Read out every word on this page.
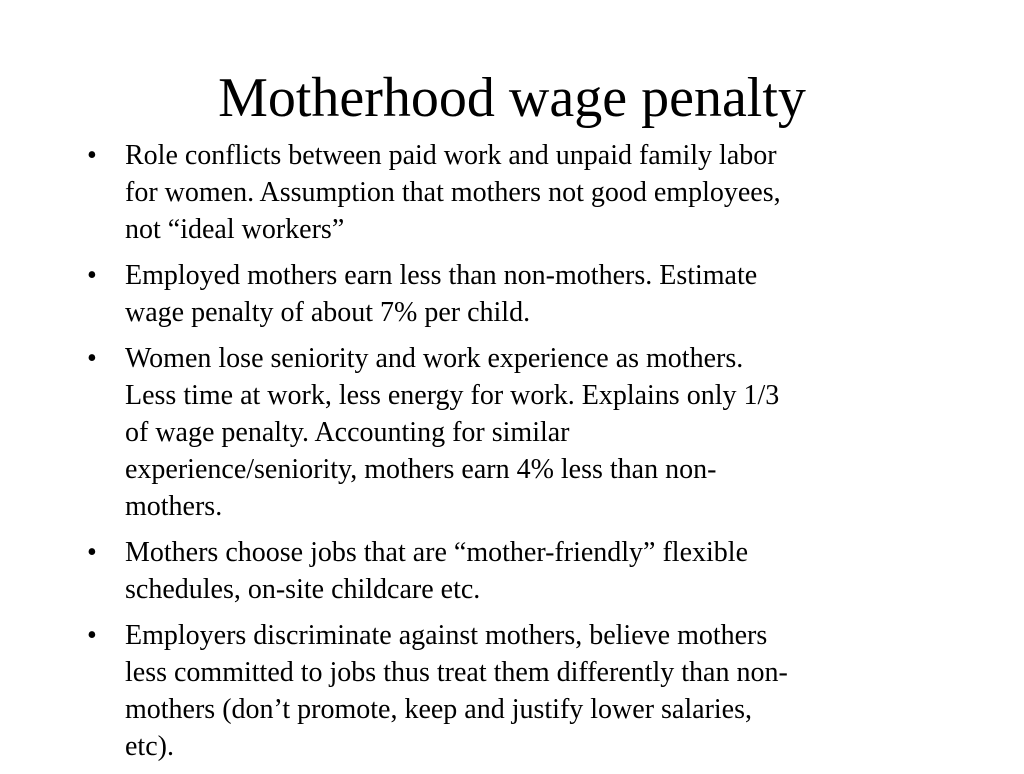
Motherhood wage penalty
•	Role conflicts between paid work and unpaid family labor
for women. Assumption that mothers not good employees,
not “ideal workers”
•	Employed mothers earn less than non-mothers. Estimate
wage penalty of about 7% per child.
•	Women lose seniority and work experience as mothers.
Less time at work, less energy for work. Explains only 1/3
of wage penalty. Accounting for similar
experience/seniority, mothers earn 4% less than non-
mothers.
•	Mothers choose jobs that are “mother-friendly” flexible
schedules, on-site childcare etc.
•	Employers discriminate against mothers, believe mothers
less committed to jobs thus treat them differently than non-
mothers (don’t promote, keep and justify lower salaries,
etc).
